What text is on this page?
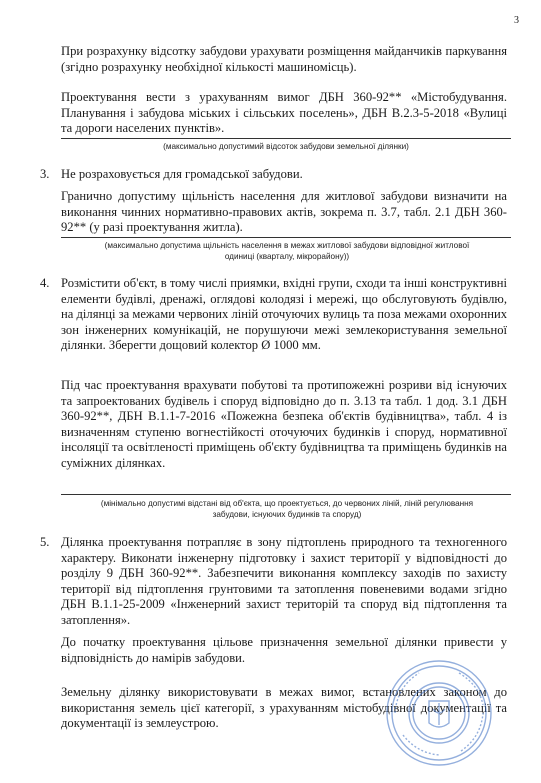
3

При розрахунку відсотку забудови урахувати розміщення майданчиків паркування (згідно розрахунку необхідної кількості машиномісць).

Проектування вести з урахуванням вимог ДБН 360-92** «Містобудування. Планування і забудова міських і сільських поселень», ДБН В.2.3-5-2018 «Вулиці та дороги населених пунктів».

(максимально допустимий відсоток забудови земельної ділянки)
3. Не розраховується для громадської забудови.

Гранично допустиму щільність населення для житлової забудови визначити на виконання чинних нормативно-правових актів, зокрема п. 3.7, табл. 2.1 ДБН 360-92** (у разі проектування житла).

(максимально допустима щільність населення в межах житлової забудови відповідної житлової одиниці (кварталу, мікрорайону))
4. Розмістити об'єкт, в тому числі приямки, вхідні групи, сходи та інші конструктивні елементи будівлі, дренажі, оглядові колодязі і мережі, що обслуговують будівлю, на ділянці за межами червоних ліній оточуючих вулиць та поза межами охоронних зон інженерних комунікацій, не порушуючи межі землекористування земельної ділянки. Зберегти дощовий колектор Ø 1000 мм.

Під час проектування врахувати побутові та протипожежні розриви від існуючих та запроектованих будівель і споруд відповідно до п. 3.13 та табл. 1 дод. 3.1 ДБН 360-92**, ДБН В.1.1-7-2016 «Пожежна безпека об'єктів будівництва», табл. 4 із визначенням ступеню вогнестійкості оточуючих будинків і споруд, нормативної інсоляції та освітленості приміщень об'єкту будівництва та приміщень будинків на суміжних ділянках.

(мінімально допустимі відстані від об'єкта, що проектується, до червоних ліній, ліній регулювання забудови, існуючих будинків та споруд)
5. Ділянка проектування потрапляє в зону підтоплень природного та техногенного характеру. Виконати інженерну підготовку і захист території у відповідності до розділу 9 ДБН 360-92**. Забезпечити виконання комплексу заходів по захисту території від підтоплення грунтовими та затоплення повеневими водами згідно ДБН В.1.1-25-2009 «Інженерний захист територій та споруд від підтоплення та затоплення».

До початку проектування цільове призначення земельної ділянки привести у відповідність до намірів забудови.

Земельну ділянку використовувати в межах вимог, встановлених законом до використання земель цієї категорії, з урахуванням містобудівної документації та документації із землеустрою.
